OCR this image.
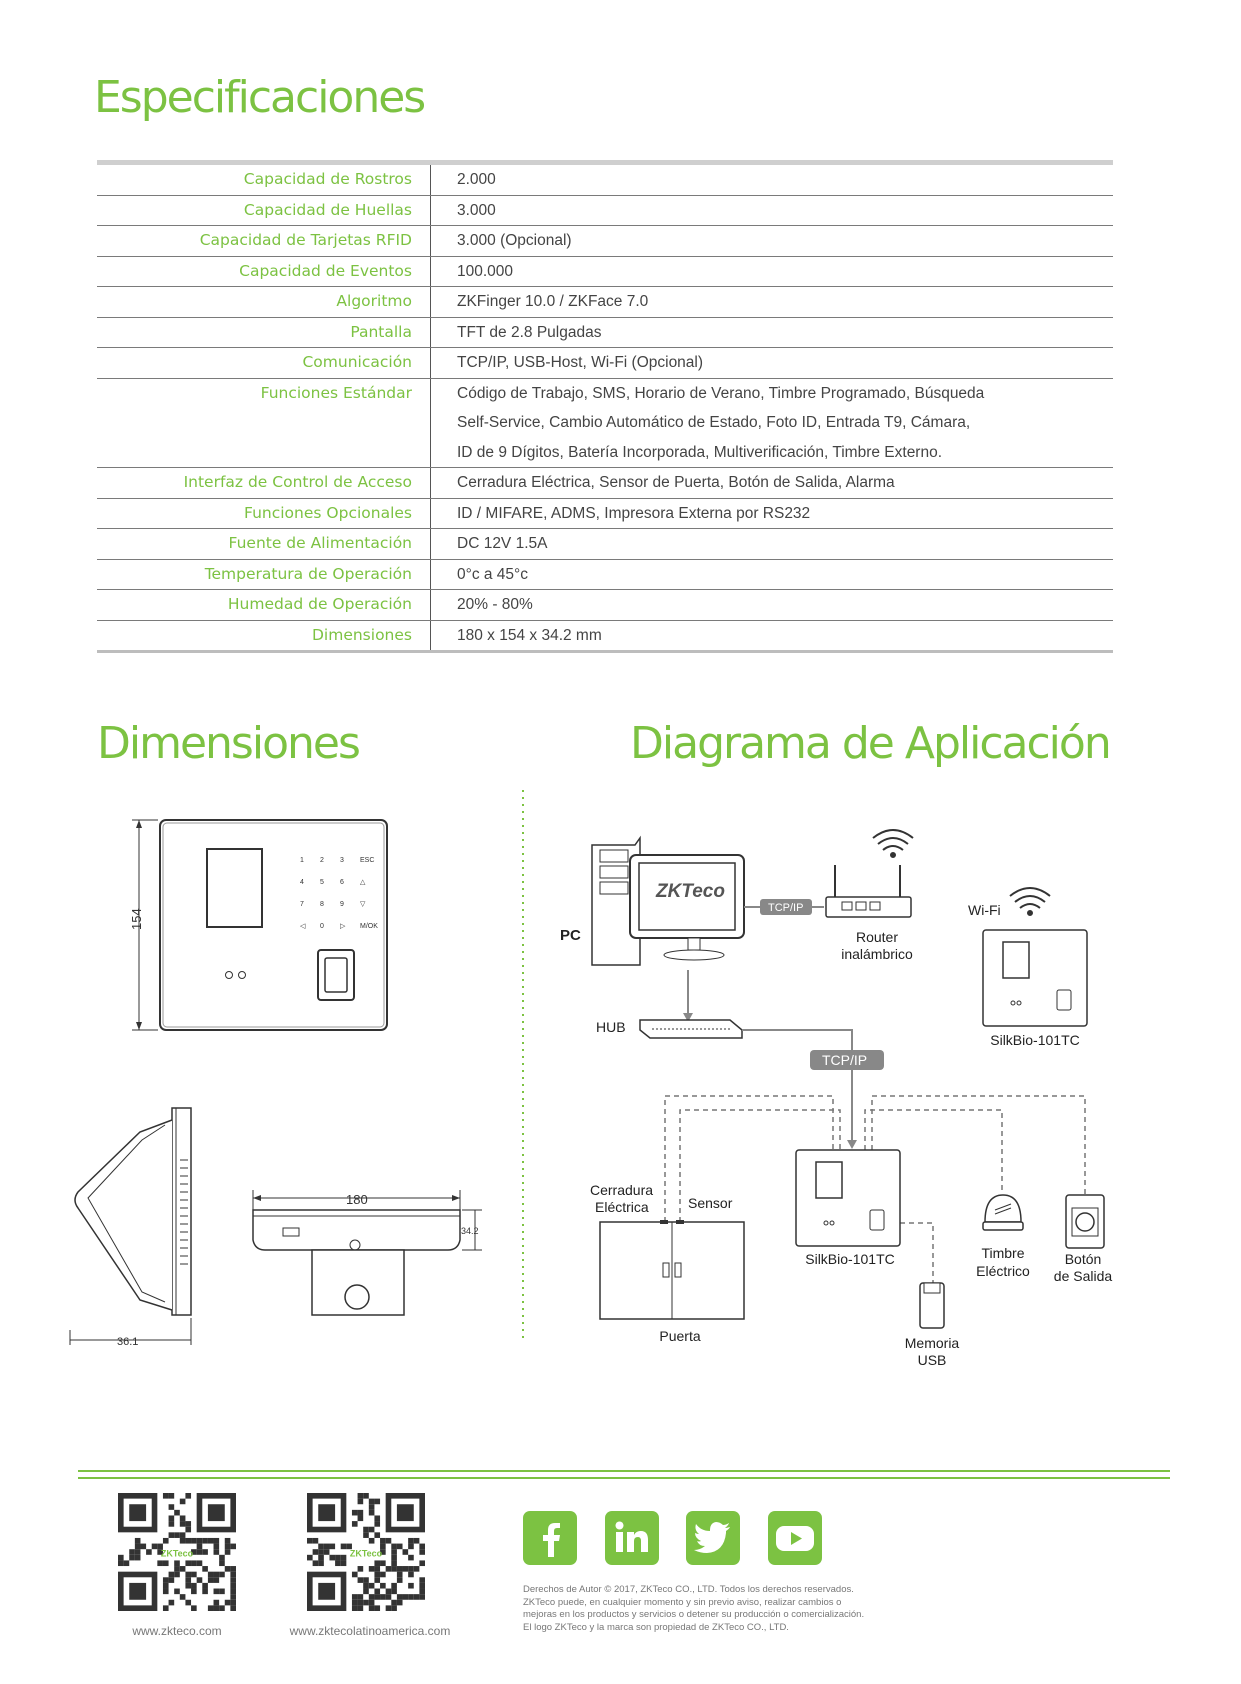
Especificaciones
Capacidad de Rostros	2.000
Capacidad de Huellas	3.000
Capacidad de Tarjetas RFID	3.000 (Opcional)
Capacidad de Eventos	100.000
Algoritmo	ZKFinger 10.0 / ZKFace 7.0
Pantalla	TFT de 2.8 Pulgadas
Comunicación	TCP/IP, USB-Host, Wi-Fi (Opcional)
Funciones Estándar	Código de Trabajo, SMS, Horario de Verano, Timbre Programado, Búsqueda
Self-Service, Cambio Automático de Estado, Foto ID, Entrada T9, Cámara,
ID de 9 Dígitos, Batería Incorporada, Multiverificación, Timbre Externo.
Interfaz de Control de Acceso	Cerradura Eléctrica, Sensor de Puerta, Botón de Salida, Alarma
Funciones Opcionales	ID / MIFARE, ADMS, Impresora Externa por RS232
Fuente de Alimentación	DC 12V 1.5A
Temperatura de Operación	0°c a 45°c
Humedad de Operación	20% - 80%
Dimensiones	180 x 154 x 34.2 mm
Dimensiones	Diagrama de Aplicación
1 2 3 ESC
4 5 6 △
7 8 9 ▽
◁ 0 ▷ M/OK
154
180
34.2
36.1
ZKTeco
PC
TCP/IP
Router
inalámbrico
Wi-Fi
SilkBio-101TC
HUB
TCP/IP
Cerradura
Eléctrica	Sensor
Puerta
SilkBio-101TC
Memoria
USB
Timbre
Eléctrico
Botón
de Salida
ZKTeco
www.zkteco.com
ZKTeco
www.zktecolatinoamerica.com
Derechos de Autor © 2017, ZKTeco CO., LTD. Todos los derechos reservados.
ZKTeco puede, en cualquier momento y sin previo aviso, realizar cambios o
mejoras en los productos y servicios o detener su producción o comercialización.
El logo ZKTeco y la marca son propiedad de ZKTeco CO., LTD.
